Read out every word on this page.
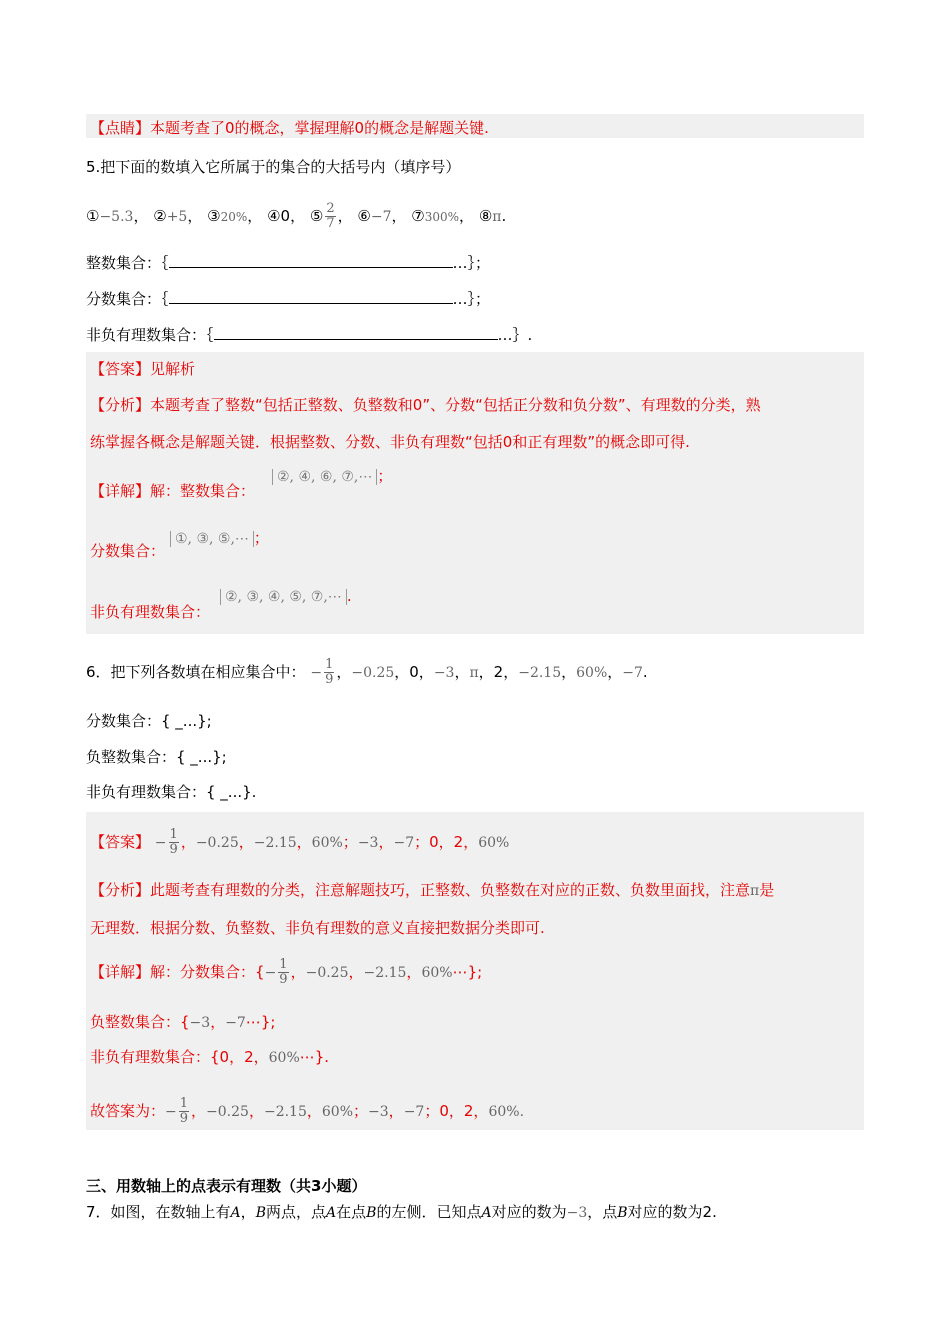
【点睛】本题考查了0的概念，掌握理解0的概念是解题关键.
5.把下面的数填入它所属于的集合的大括号内（填序号）
①−5.3， ②+5， ③20%， ④0， ⑤ $\frac{2}{7}$ ， ⑥−7， ⑦300%， ⑧π.
整数集合：｛	…｝；
分数集合：｛	…｝；
非负有理数集合：｛	…｝.
【答案】见解析
【分析】本题考查了整数“包括正整数、负整数和0”、分数“包括正分数和负分数”、有理数的分类，熟
练掌握各概念是解题关键．根据整数、分数、非负有理数“包括0和正有理数”的概念即可得.
【详解】解：整数集合：
②, ④, ⑥, ⑦,⋯ ；
分数集合：
①, ③, ⑤,⋯ ；
非负有理数集合：
②, ③, ④, ⑤, ⑦,⋯ .
6．把下列各数填在相应集合中： − $\frac{1}{9}$ ，−0.25，0，−3，π，2，−2.15，60%，−7.
分数集合：{ _...};
负整数集合：{ _...};
非负有理数集合：{ _...}.
【答案】 − $\frac{1}{9}$ ，−0.25，−2.15，60%；−3，−7；0，2，60%
【分析】此题考查有理数的分类，注意解题技巧，正整数、负整数在对应的正数、负数里面找，注意π是
无理数．根据分数、负整数、非负有理数的意义直接把数据分类即可.
【详解】解：分数集合：{− $\frac{1}{9}$ ，−0.25，−2.15，60%⋯};
负整数集合：{−3，−7⋯};
非负有理数集合：{0，2，60%⋯}.
故答案为：− $\frac{1}{9}$ ，−0.25，−2.15，60%；−3，−7；0，2，60%.
三、用数轴上的点表示有理数（共3小题）
7．如图，在数轴上有A，B两点，点A在点B的左侧．已知点A对应的数为−3，点B对应的数为2.
